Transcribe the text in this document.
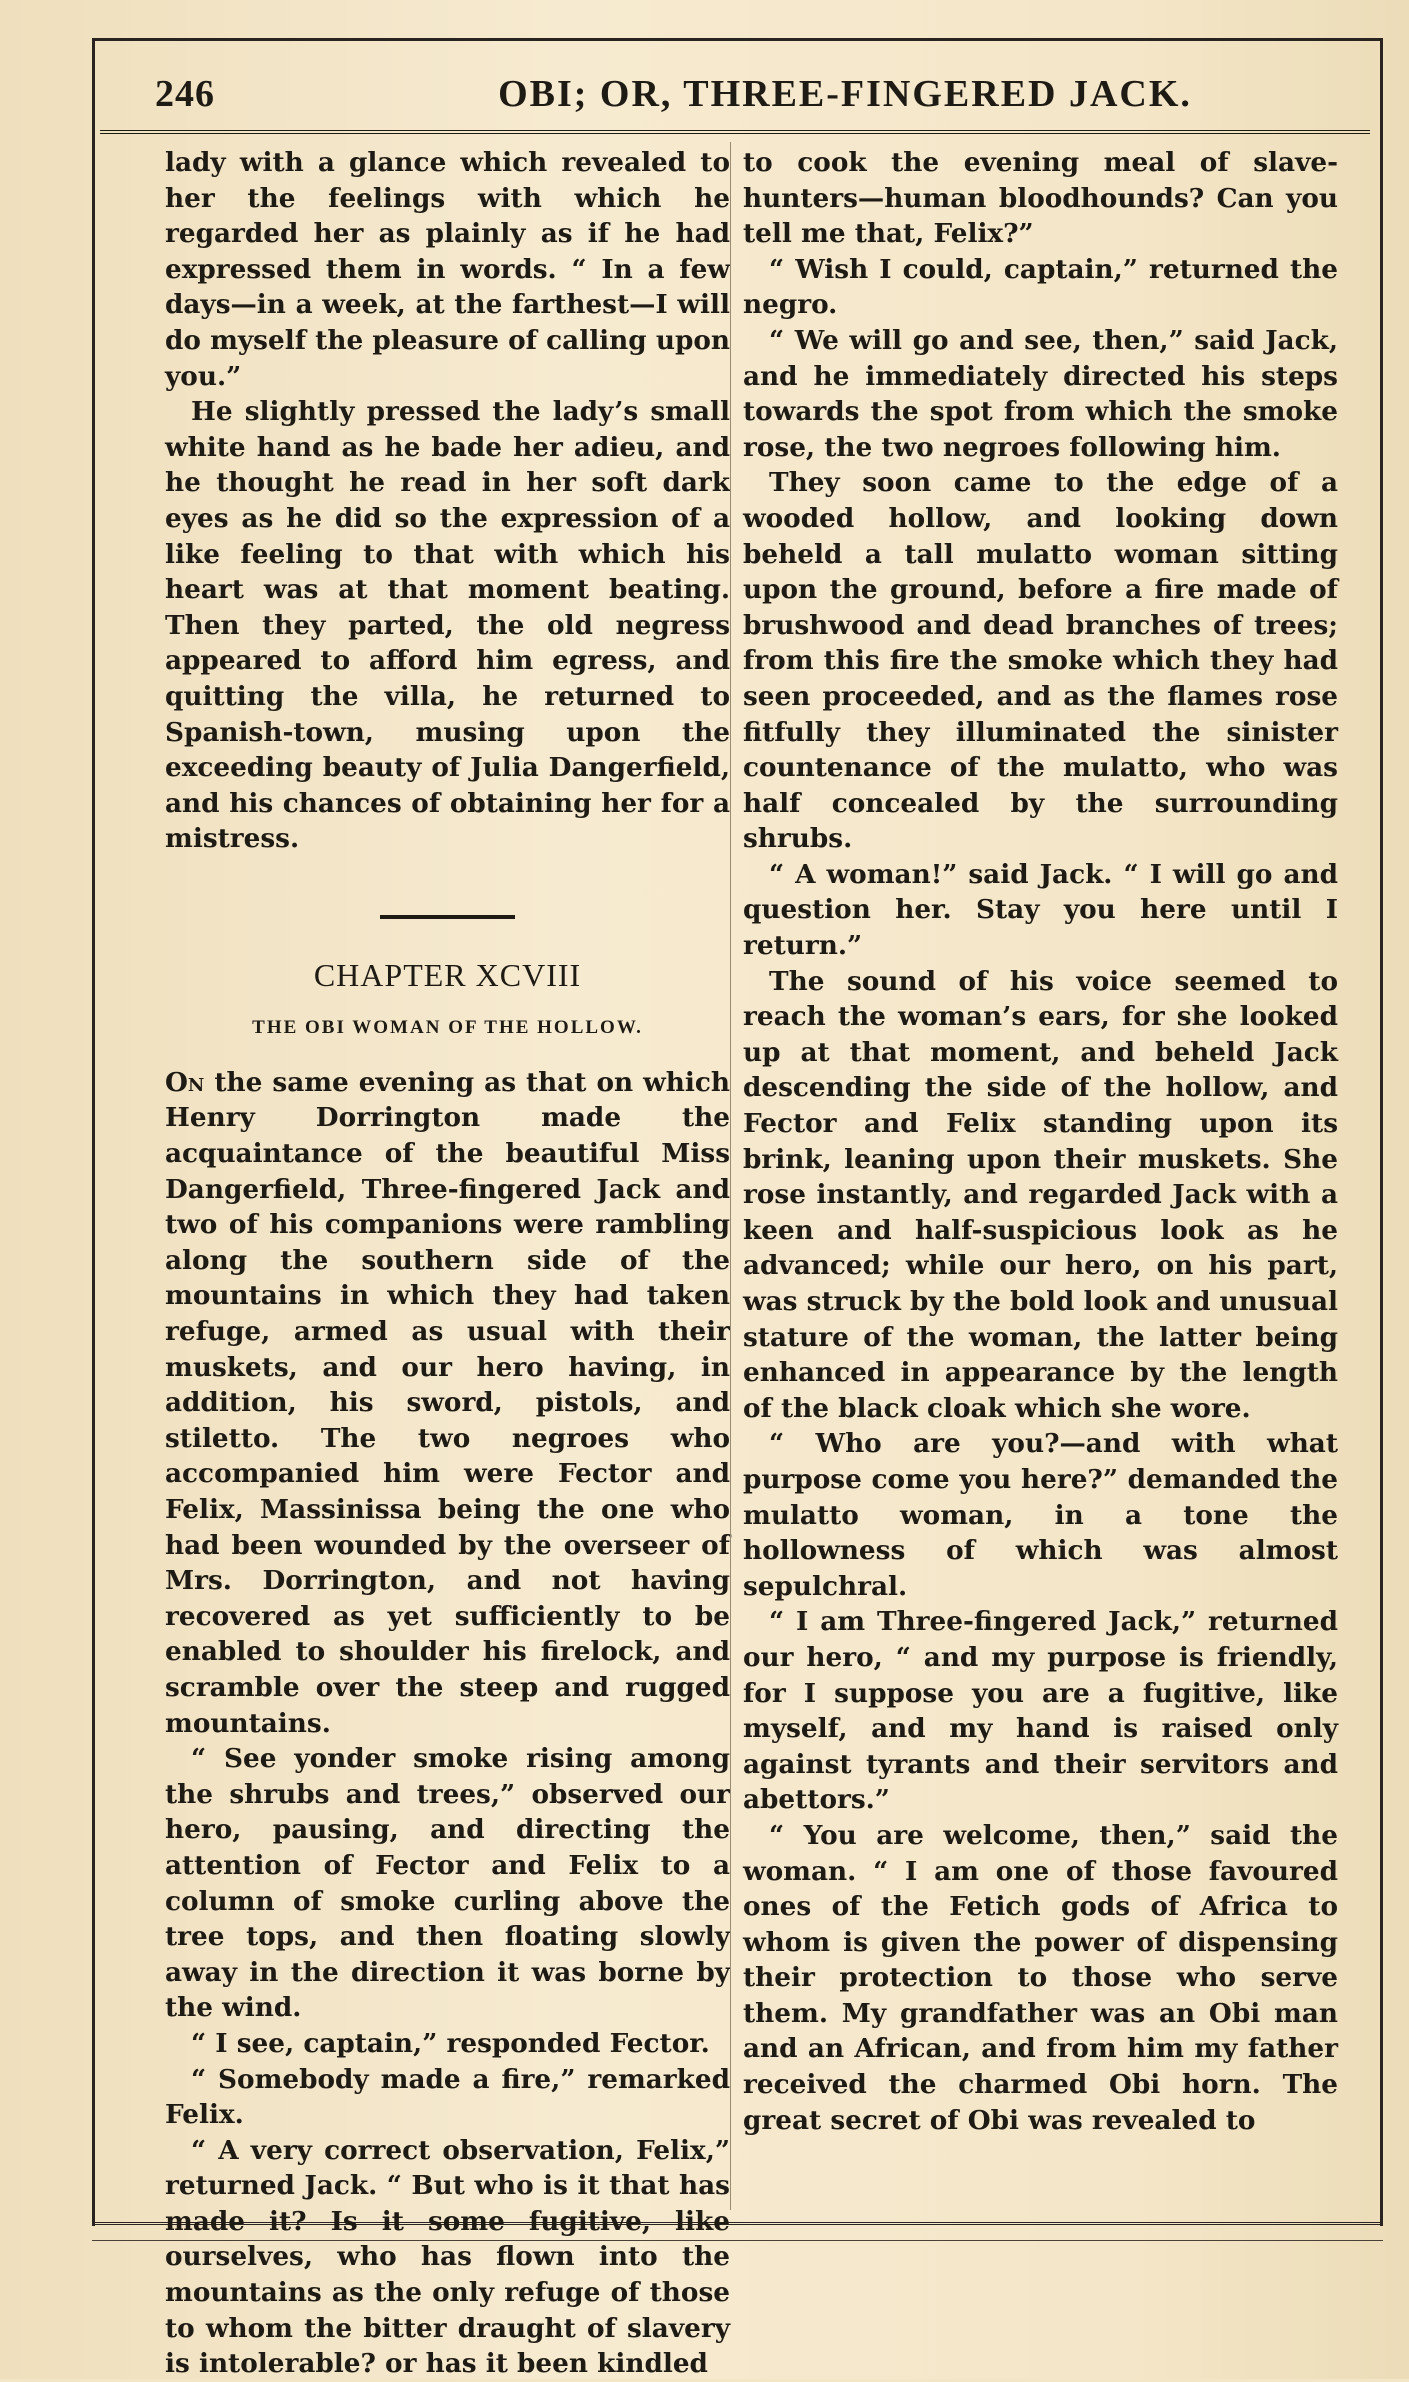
246	OBI; OR, THREE-FINGERED JACK.

lady with a glance which revealed to her the feelings with which he regarded her as plainly as if he had expressed them in words. “ In a few days—in a week, at the farthest—I will do myself the pleasure of calling upon you.”

He slightly pressed the lady’s small white hand as he bade her adieu, and he thought he read in her soft dark eyes as he did so the expression of a like feeling to that with which his heart was at that moment beating. Then they parted, the old negress appeared to afford him egress, and quitting the villa, he returned to Spanish-town, musing upon the exceeding beauty of Julia Dangerfield, and his chances of obtaining her for a mistress.

CHAPTER XCVIII
THE OBI WOMAN OF THE HOLLOW.

On the same evening as that on which Henry Dorrington made the acquaintance of the beautiful Miss Dangerfield, Three-fingered Jack and two of his companions were rambling along the southern side of the mountains in which they had taken refuge, armed as usual with their muskets, and our hero having, in addition, his sword, pistols, and stiletto. The two negroes who accompanied him were Fector and Felix, Massinissa being the one who had been wounded by the overseer of Mrs. Dorrington, and not having recovered as yet sufficiently to be enabled to shoulder his firelock, and scramble over the steep and rugged mountains.

“ See yonder smoke rising among the shrubs and trees,” observed our hero, pausing, and directing the attention of Fector and Felix to a column of smoke curling above the tree tops, and then floating slowly away in the direction it was borne by the wind.

“ I see, captain,” responded Fector.

“ Somebody made a fire,” remarked Felix.

“ A very correct observation, Felix,” returned Jack. “ But who is it that has made it? Is it some fugitive, like ourselves, who has flown into the mountains as the only refuge of those to whom the bitter draught of slavery is intolerable? or has it been kindled

to cook the evening meal of slave-hunters—human bloodhounds? Can you tell me that, Felix?”

“ Wish I could, captain,” returned the negro.

“ We will go and see, then,” said Jack, and he immediately directed his steps towards the spot from which the smoke rose, the two negroes following him.

They soon came to the edge of a wooded hollow, and looking down beheld a tall mulatto woman sitting upon the ground, before a fire made of brushwood and dead branches of trees; from this fire the smoke which they had seen proceeded, and as the flames rose fitfully they illuminated the sinister countenance of the mulatto, who was half concealed by the surrounding shrubs.

“ A woman!” said Jack. “ I will go and question her. Stay you here until I return.”

The sound of his voice seemed to reach the woman’s ears, for she looked up at that moment, and beheld Jack descending the side of the hollow, and Fector and Felix standing upon its brink, leaning upon their muskets. She rose instantly, and regarded Jack with a keen and half-suspicious look as he advanced; while our hero, on his part, was struck by the bold look and unusual stature of the woman, the latter being enhanced in appearance by the length of the black cloak which she wore.

“ Who are you?—and with what purpose come you here?” demanded the mulatto woman, in a tone the hollowness of which was almost sepulchral.

“ I am Three-fingered Jack,” returned our hero, “ and my purpose is friendly, for I suppose you are a fugitive, like myself, and my hand is raised only against tyrants and their servitors and abettors.”

“ You are welcome, then,” said the woman. “ I am one of those favoured ones of the Fetich gods of Africa to whom is given the power of dispensing their protection to those who serve them. My grandfather was an Obi man and an African, and from him my father received the charmed Obi horn. The great secret of Obi was revealed to
